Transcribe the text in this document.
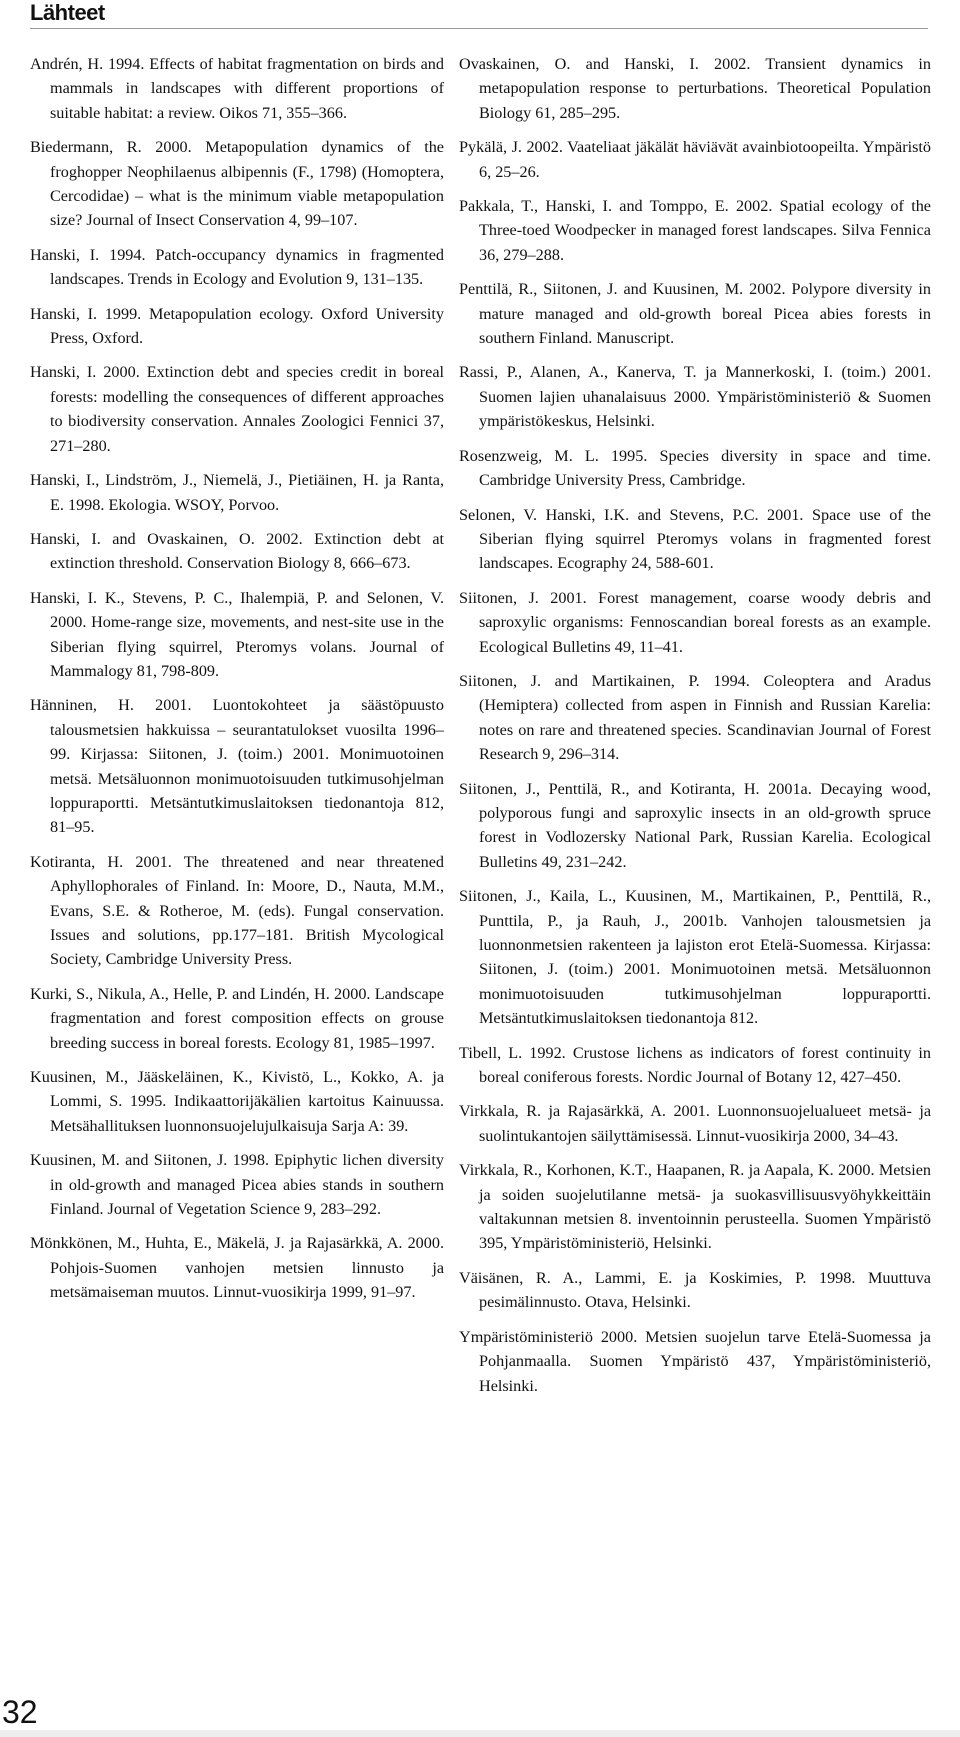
Lähteet

Andrén, H. 1994. Effects of habitat fragmentation on birds and mammals in landscapes with different proportions of suitable habitat: a review. Oikos 71, 355–366.

Biedermann, R. 2000. Metapopulation dynamics of the froghopper Neophilaenus albipennis (F., 1798) (Homoptera, Cercodidae) – what is the minimum viable metapopulation size? Journal of Insect Conservation 4, 99–107.

Hanski, I. 1994. Patch-occupancy dynamics in fragmented landscapes. Trends in Ecology and Evolution 9, 131–135.

Hanski, I. 1999. Metapopulation ecology. Oxford University Press, Oxford.

Hanski, I. 2000. Extinction debt and species credit in boreal forests: modelling the consequences of different approaches to biodiversity conservation. Annales Zoologici Fennici 37, 271–280.

Hanski, I., Lindström, J., Niemelä, J., Pietiäinen, H. ja Ranta, E. 1998. Ekologia. WSOY, Porvoo.

Hanski, I. and Ovaskainen, O. 2002. Extinction debt at extinction threshold. Conservation Biology 8, 666–673.

Hanski, I. K., Stevens, P. C., Ihalempiä, P. and Selonen, V. 2000. Home-range size, movements, and nest-site use in the Siberian flying squirrel, Pteromys volans. Journal of Mammalogy 81, 798-809.

Hänninen, H. 2001. Luontokohteet ja säästöpuusto talousmetsien hakkuissa – seurantatulokset vuosilta 1996–99. Kirjassa: Siitonen, J. (toim.) 2001. Monimuotoinen metsä. Metsäluonnon monimuotoisuuden tutkimusohjelman loppuraportti. Metsäntutkimuslaitoksen tiedonantoja 812, 81–95.

Kotiranta, H. 2001. The threatened and near threatened Aphyllophorales of Finland. In: Moore, D., Nauta, M.M., Evans, S.E. & Rotheroe, M. (eds). Fungal conservation. Issues and solutions, pp.177–181. British Mycological Society, Cambridge University Press.

Kurki, S., Nikula, A., Helle, P. and Lindén, H. 2000. Landscape fragmentation and forest composition effects on grouse breeding success in boreal forests. Ecology 81, 1985–1997.

Kuusinen, M., Jääskeläinen, K., Kivistö, L., Kokko, A. ja Lommi, S. 1995. Indikaattorijäkälien kartoitus Kainuussa. Metsähallituksen luonnonsuojelujulkaisuja Sarja A: 39.

Kuusinen, M. and Siitonen, J. 1998. Epiphytic lichen diversity in old-growth and managed Picea abies stands in southern Finland. Journal of Vegetation Science 9, 283–292.

Mönkkönen, M., Huhta, E., Mäkelä, J. ja Rajasärkkä, A. 2000. Pohjois-Suomen vanhojen metsien linnusto ja metsämaiseman muutos. Linnut-vuosikirja 1999, 91–97.

Ovaskainen, O. and Hanski, I. 2002. Transient dynamics in metapopulation response to perturbations. Theoretical Population Biology 61, 285–295.

Pykälä, J. 2002. Vaateliaat jäkälät häviävät avainbiotoopeilta. Ympäristö 6, 25–26.

Pakkala, T., Hanski, I. and Tomppo, E. 2002. Spatial ecology of the Three-toed Woodpecker in managed forest landscapes. Silva Fennica 36, 279–288.

Penttilä, R., Siitonen, J. and Kuusinen, M. 2002. Polypore diversity in mature managed and old-growth boreal Picea abies forests in southern Finland. Manuscript.

Rassi, P., Alanen, A., Kanerva, T. ja Mannerkoski, I. (toim.) 2001. Suomen lajien uhanalaisuus 2000. Ympäristöministeriö & Suomen ympäristökeskus, Helsinki.

Rosenzweig, M. L. 1995. Species diversity in space and time. Cambridge University Press, Cambridge.

Selonen, V. Hanski, I.K. and Stevens, P.C. 2001. Space use of the Siberian flying squirrel Pteromys volans in fragmented forest landscapes. Ecography 24, 588-601.

Siitonen, J. 2001. Forest management, coarse woody debris and saproxylic organisms: Fennoscandian boreal forests as an example. Ecological Bulletins 49, 11–41.

Siitonen, J. and Martikainen, P. 1994. Coleoptera and Aradus (Hemiptera) collected from aspen in Finnish and Russian Karelia: notes on rare and threatened species. Scandinavian Journal of Forest Research 9, 296–314.

Siitonen, J., Penttilä, R., and Kotiranta, H. 2001a. Decaying wood, polyporous fungi and saproxylic insects in an old-growth spruce forest in Vodlozersky National Park, Russian Karelia. Ecological Bulletins 49, 231–242.

Siitonen, J., Kaila, L., Kuusinen, M., Martikainen, P., Penttilä, R., Punttila, P., ja Rauh, J., 2001b. Vanhojen talousmetsien ja luonnonmetsien rakenteen ja lajiston erot Etelä-Suomessa. Kirjassa: Siitonen, J. (toim.) 2001. Monimuotoinen metsä. Metsäluonnon monimuotoisuuden tutkimusohjelman loppuraportti. Metsäntutkimuslaitoksen tiedonantoja 812.

Tibell, L. 1992. Crustose lichens as indicators of forest continuity in boreal coniferous forests. Nordic Journal of Botany 12, 427–450.

Virkkala, R. ja Rajasärkkä, A. 2001. Luonnonsuojelualueet metsä- ja suolintukantojen säilyttämisessä. Linnut-vuosikirja 2000, 34–43.

Virkkala, R., Korhonen, K.T., Haapanen, R. ja Aapala, K. 2000. Metsien ja soiden suojelutilanne metsä- ja suokasvillisuusvyöhykkeittäin valtakunnan metsien 8. inventoinnin perusteella. Suomen Ympäristö 395, Ympäristöministeriö, Helsinki.

Väisänen, R. A., Lammi, E. ja Koskimies, P. 1998. Muuttuva pesimälinnusto. Otava, Helsinki.

Ympäristöministeriö 2000. Metsien suojelun tarve Etelä-Suomessa ja Pohjanmaalla. Suomen Ympäristö 437, Ympäristöministeriö, Helsinki.

32
